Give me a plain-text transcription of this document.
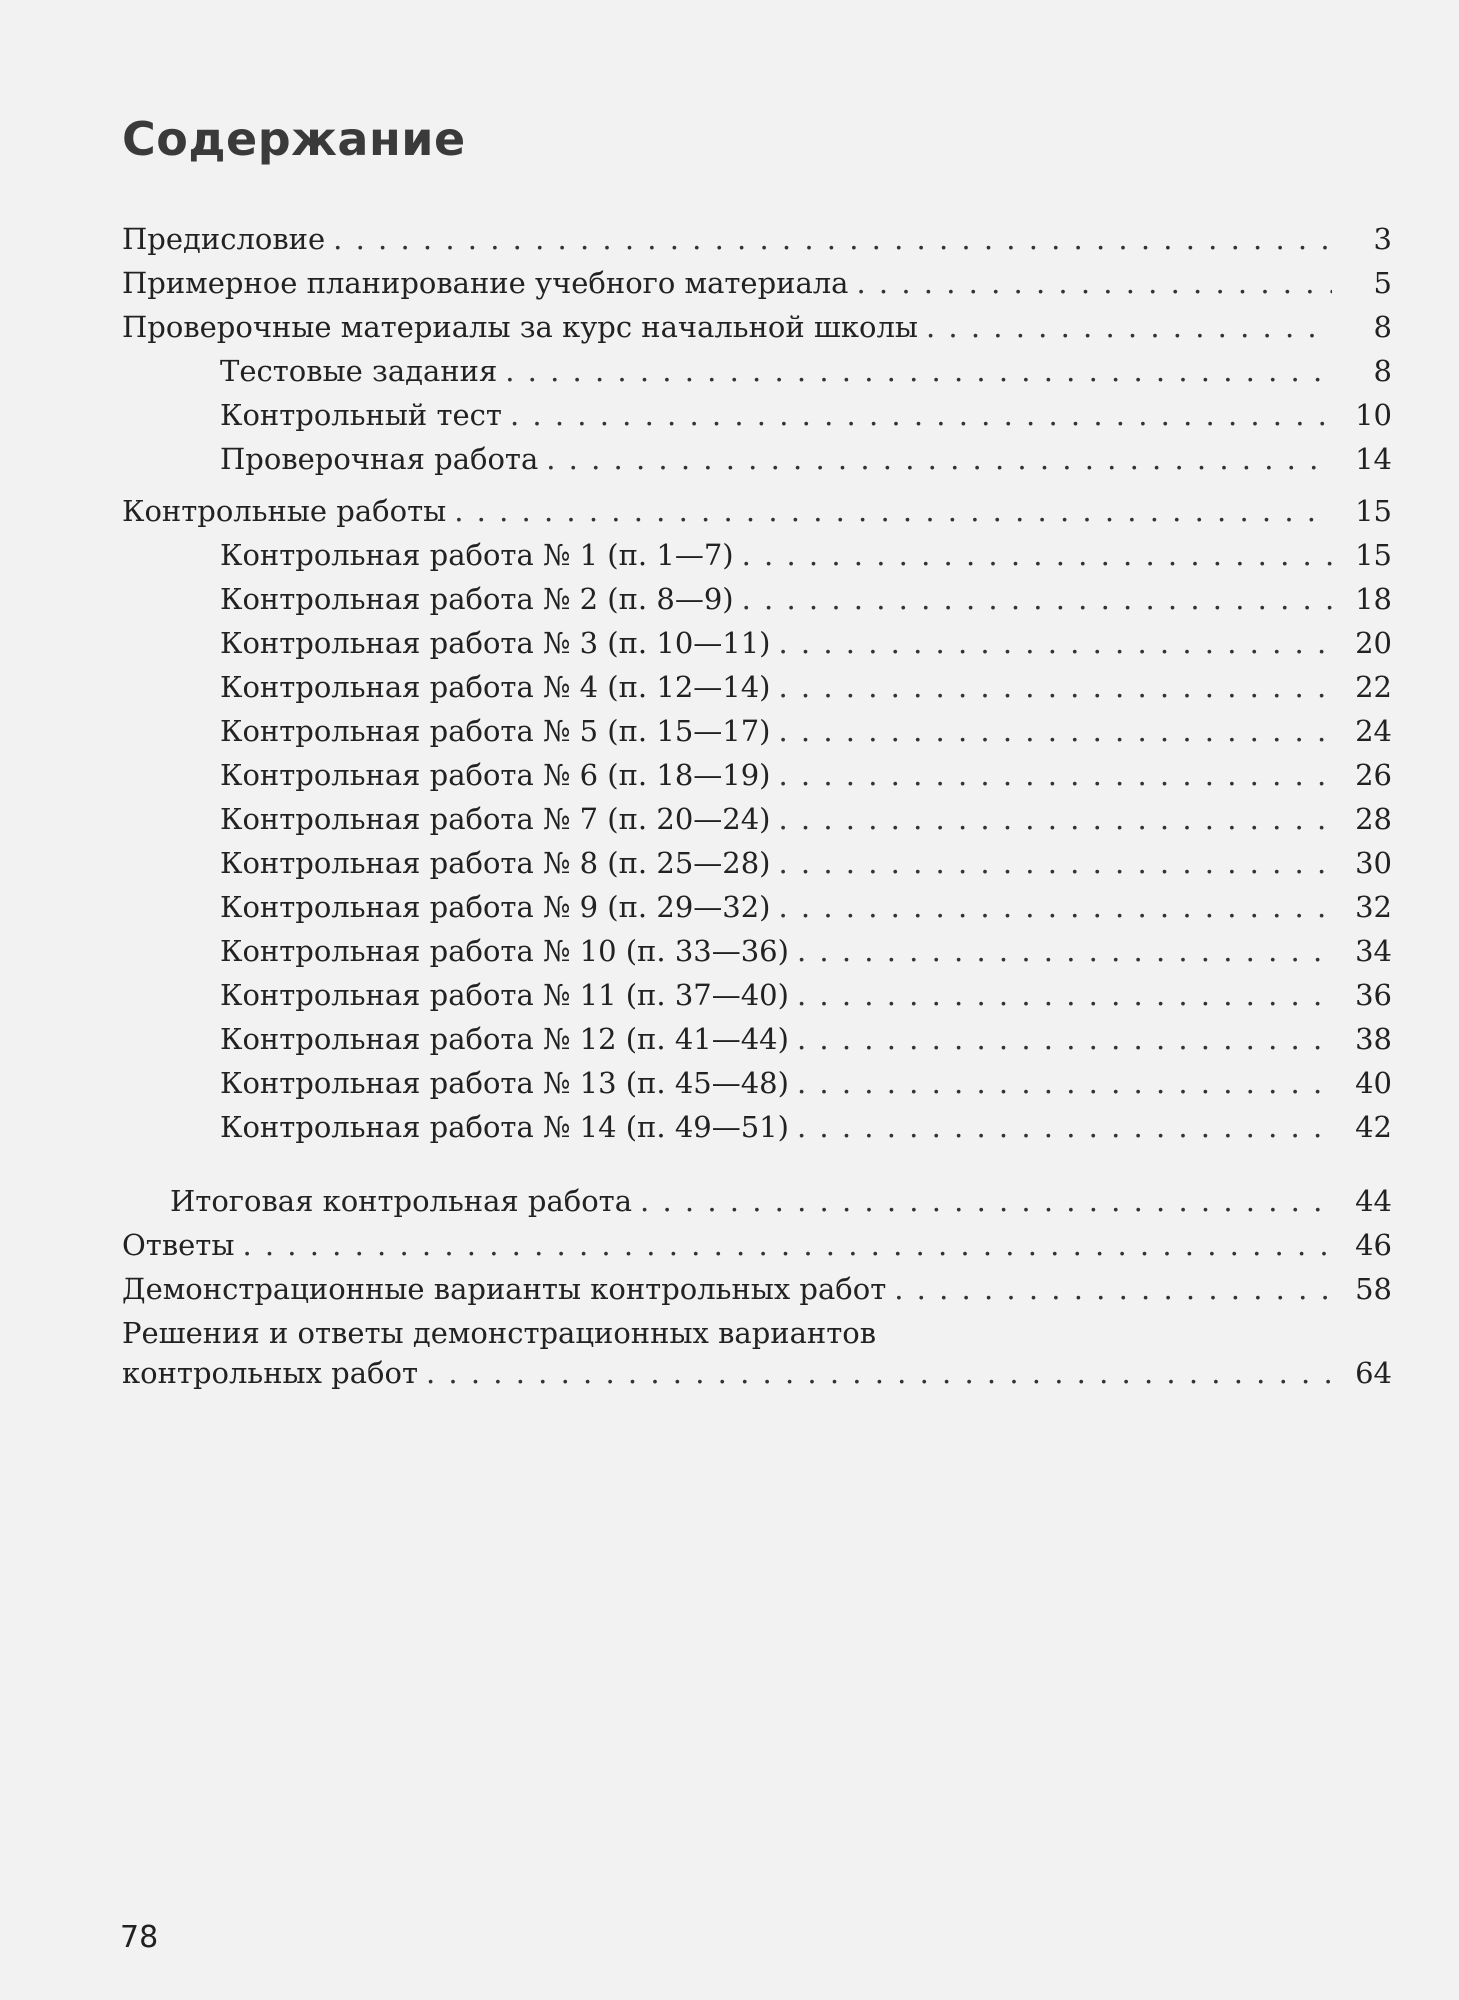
Содержание
Предисловие . . .	3
Примерное планирование учебного материала . . .	5
Проверочные материалы за курс начальной школы . . .	8
Тестовые задания . . .	8
Контрольный тест . . .	10
Проверочная работа . . .	14
Контрольные работы . . .	15
Контрольная работа № 1 (п. 1—7) . . .	15
Контрольная работа № 2 (п. 8—9) . . .	18
Контрольная работа № 3 (п. 10—11) . . .	20
Контрольная работа № 4 (п. 12—14) . . .	22
Контрольная работа № 5 (п. 15—17) . . .	24
Контрольная работа № 6 (п. 18—19) . . .	26
Контрольная работа № 7 (п. 20—24) . . .	28
Контрольная работа № 8 (п. 25—28) . . .	30
Контрольная работа № 9 (п. 29—32) . . .	32
Контрольная работа № 10 (п. 33—36) . . .	34
Контрольная работа № 11 (п. 37—40) . . .	36
Контрольная работа № 12 (п. 41—44) . . .	38
Контрольная работа № 13 (п. 45—48) . . .	40
Контрольная работа № 14 (п. 49—51) . . .	42
Итоговая контрольная работа . . .	44
Ответы . . .	46
Демонстрационные варианты контрольных работ . . .	58
Решения и ответы демонстрационных вариантов
контрольных работ . . .	64
78
